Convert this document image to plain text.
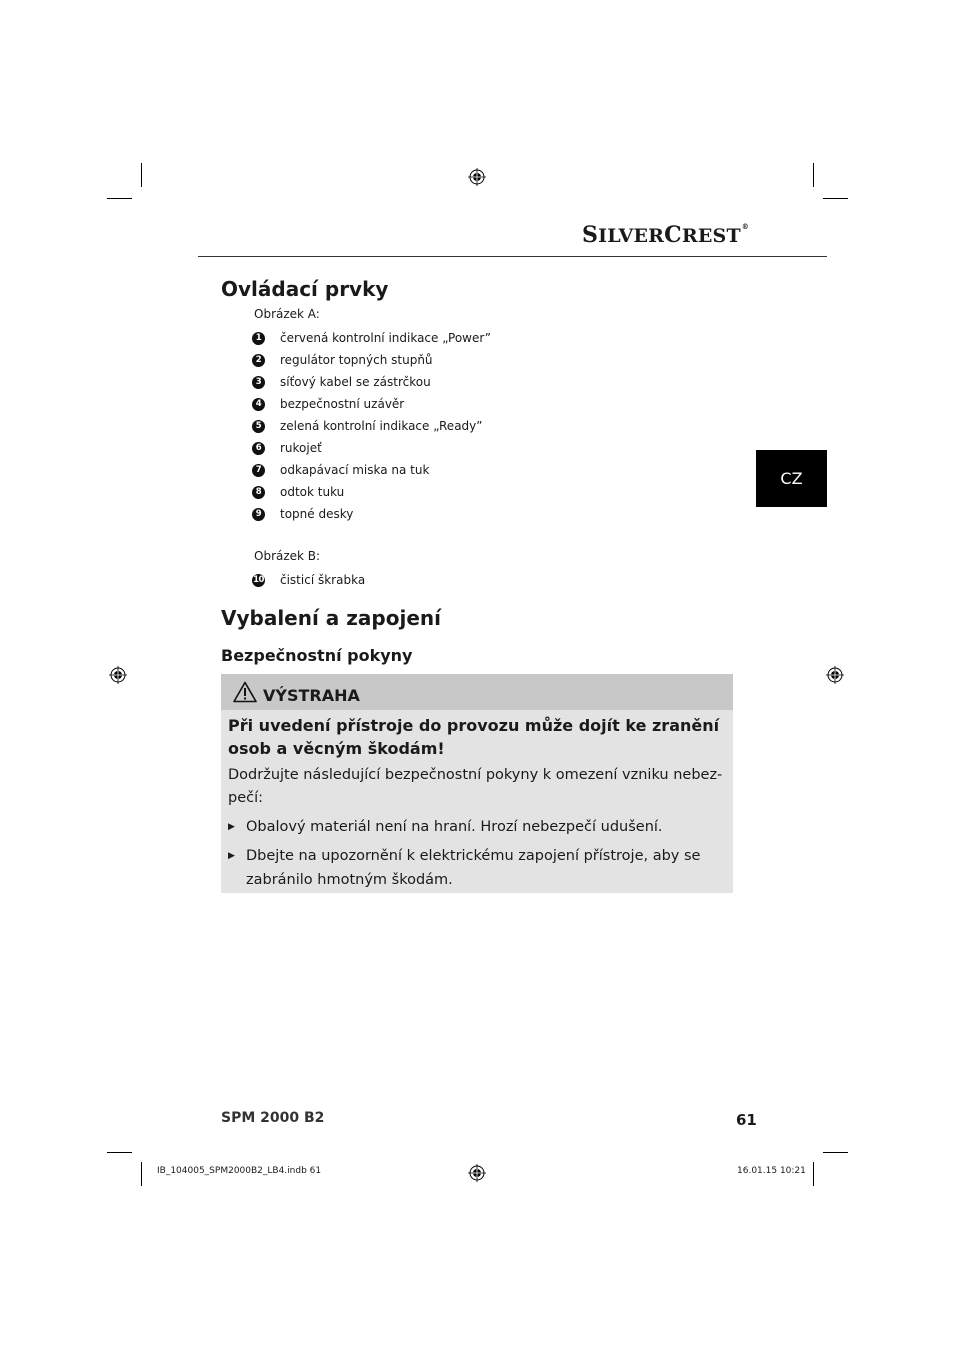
SILVERCREST®
CZ
Ovládací prvky
Obrázek A:
1	červená kontrolní indikace „Power”
2	regulátor topných stupňů
3	síťový kabel se zástrčkou
4	bezpečnostní uzávěr
5	zelená kontrolní indikace „Ready”
6	rukojeť
7	odkapávací miska na tuk
8	odtok tuku
9	topné desky
Obrázek B:
10 čisticí škrabka
Vybalení a zapojení
Bezpečnostní pokyny
VÝSTRAHA

Při uvedení přístroje do provozu může dojít ke zranění osob a věcným škodám!

Dodržujte následující bezpečnostní pokyny k omezení vzniku nebez- pečí:

▶ Obalový materiál není na hraní. Hrozí nebezpečí udušení.
▶ Dbejte na upozornění k elektrickému zapojení přístroje, aby se zabránilo hmotným škodám.
SPM 2000 B2	61
IB_104005_SPM2000B2_LB4.indb 61	16.01.15 10:21
